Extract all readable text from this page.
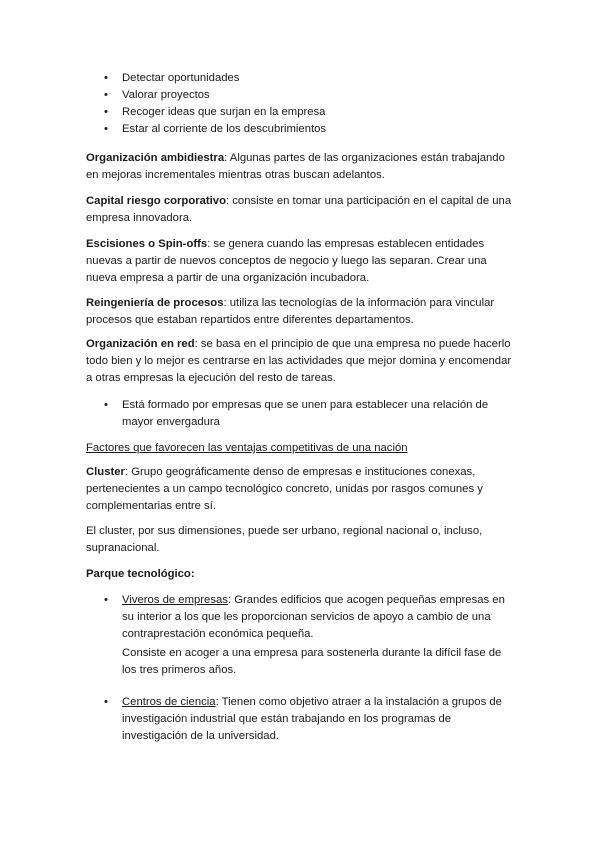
• Detectar oportunidades
• Valorar proyectos
• Recoger ideas que surjan en la empresa
• Estar al corriente de los descubrimientos

Organización ambidiestra: Algunas partes de las organizaciones están trabajando en mejoras incrementales mientras otras buscan adelantos.

Capital riesgo corporativo: consiste en tomar una participación en el capital de una empresa innovadora.

Escisiones o Spin-offs: se genera cuando las empresas establecen entidades nuevas a partir de nuevos conceptos de negocio y luego las separan. Crear una nueva empresa a partir de una organización incubadora.

Reingeniería de procesos: utiliza las tecnologías de la información para vincular procesos que estaban repartidos entre diferentes departamentos.

Organización en red: se basa en el principio de que una empresa no puede hacerlo todo bien y lo mejor es centrarse en las actividades que mejor domina y encomendar a otras empresas la ejecución del resto de tareas.

• Está formado por empresas que se unen para establecer una relación de mayor envergadura

Factores que favorecen las ventajas competitivas de una nación

Cluster: Grupo geográficamente denso de empresas e instituciones conexas, pertenecientes a un campo tecnológico concreto, unidas por rasgos comunes y complementarias entre sí.

El cluster, por sus dimensiones, puede ser urbano, regional nacional o, incluso, supranacional.

Parque tecnológico:

• Viveros de empresas: Grandes edificios que acogen pequeñas empresas en su interior a los que les proporcionan servicios de apoyo a cambio de una contraprestación económica pequeña.

Consiste en acoger a una empresa para sostenerla durante la difícil fase de los tres primeros años.

• Centros de ciencia: Tienen como objetivo atraer a la instalación a grupos de investigación industrial que están trabajando en los programas de investigación de la universidad.
